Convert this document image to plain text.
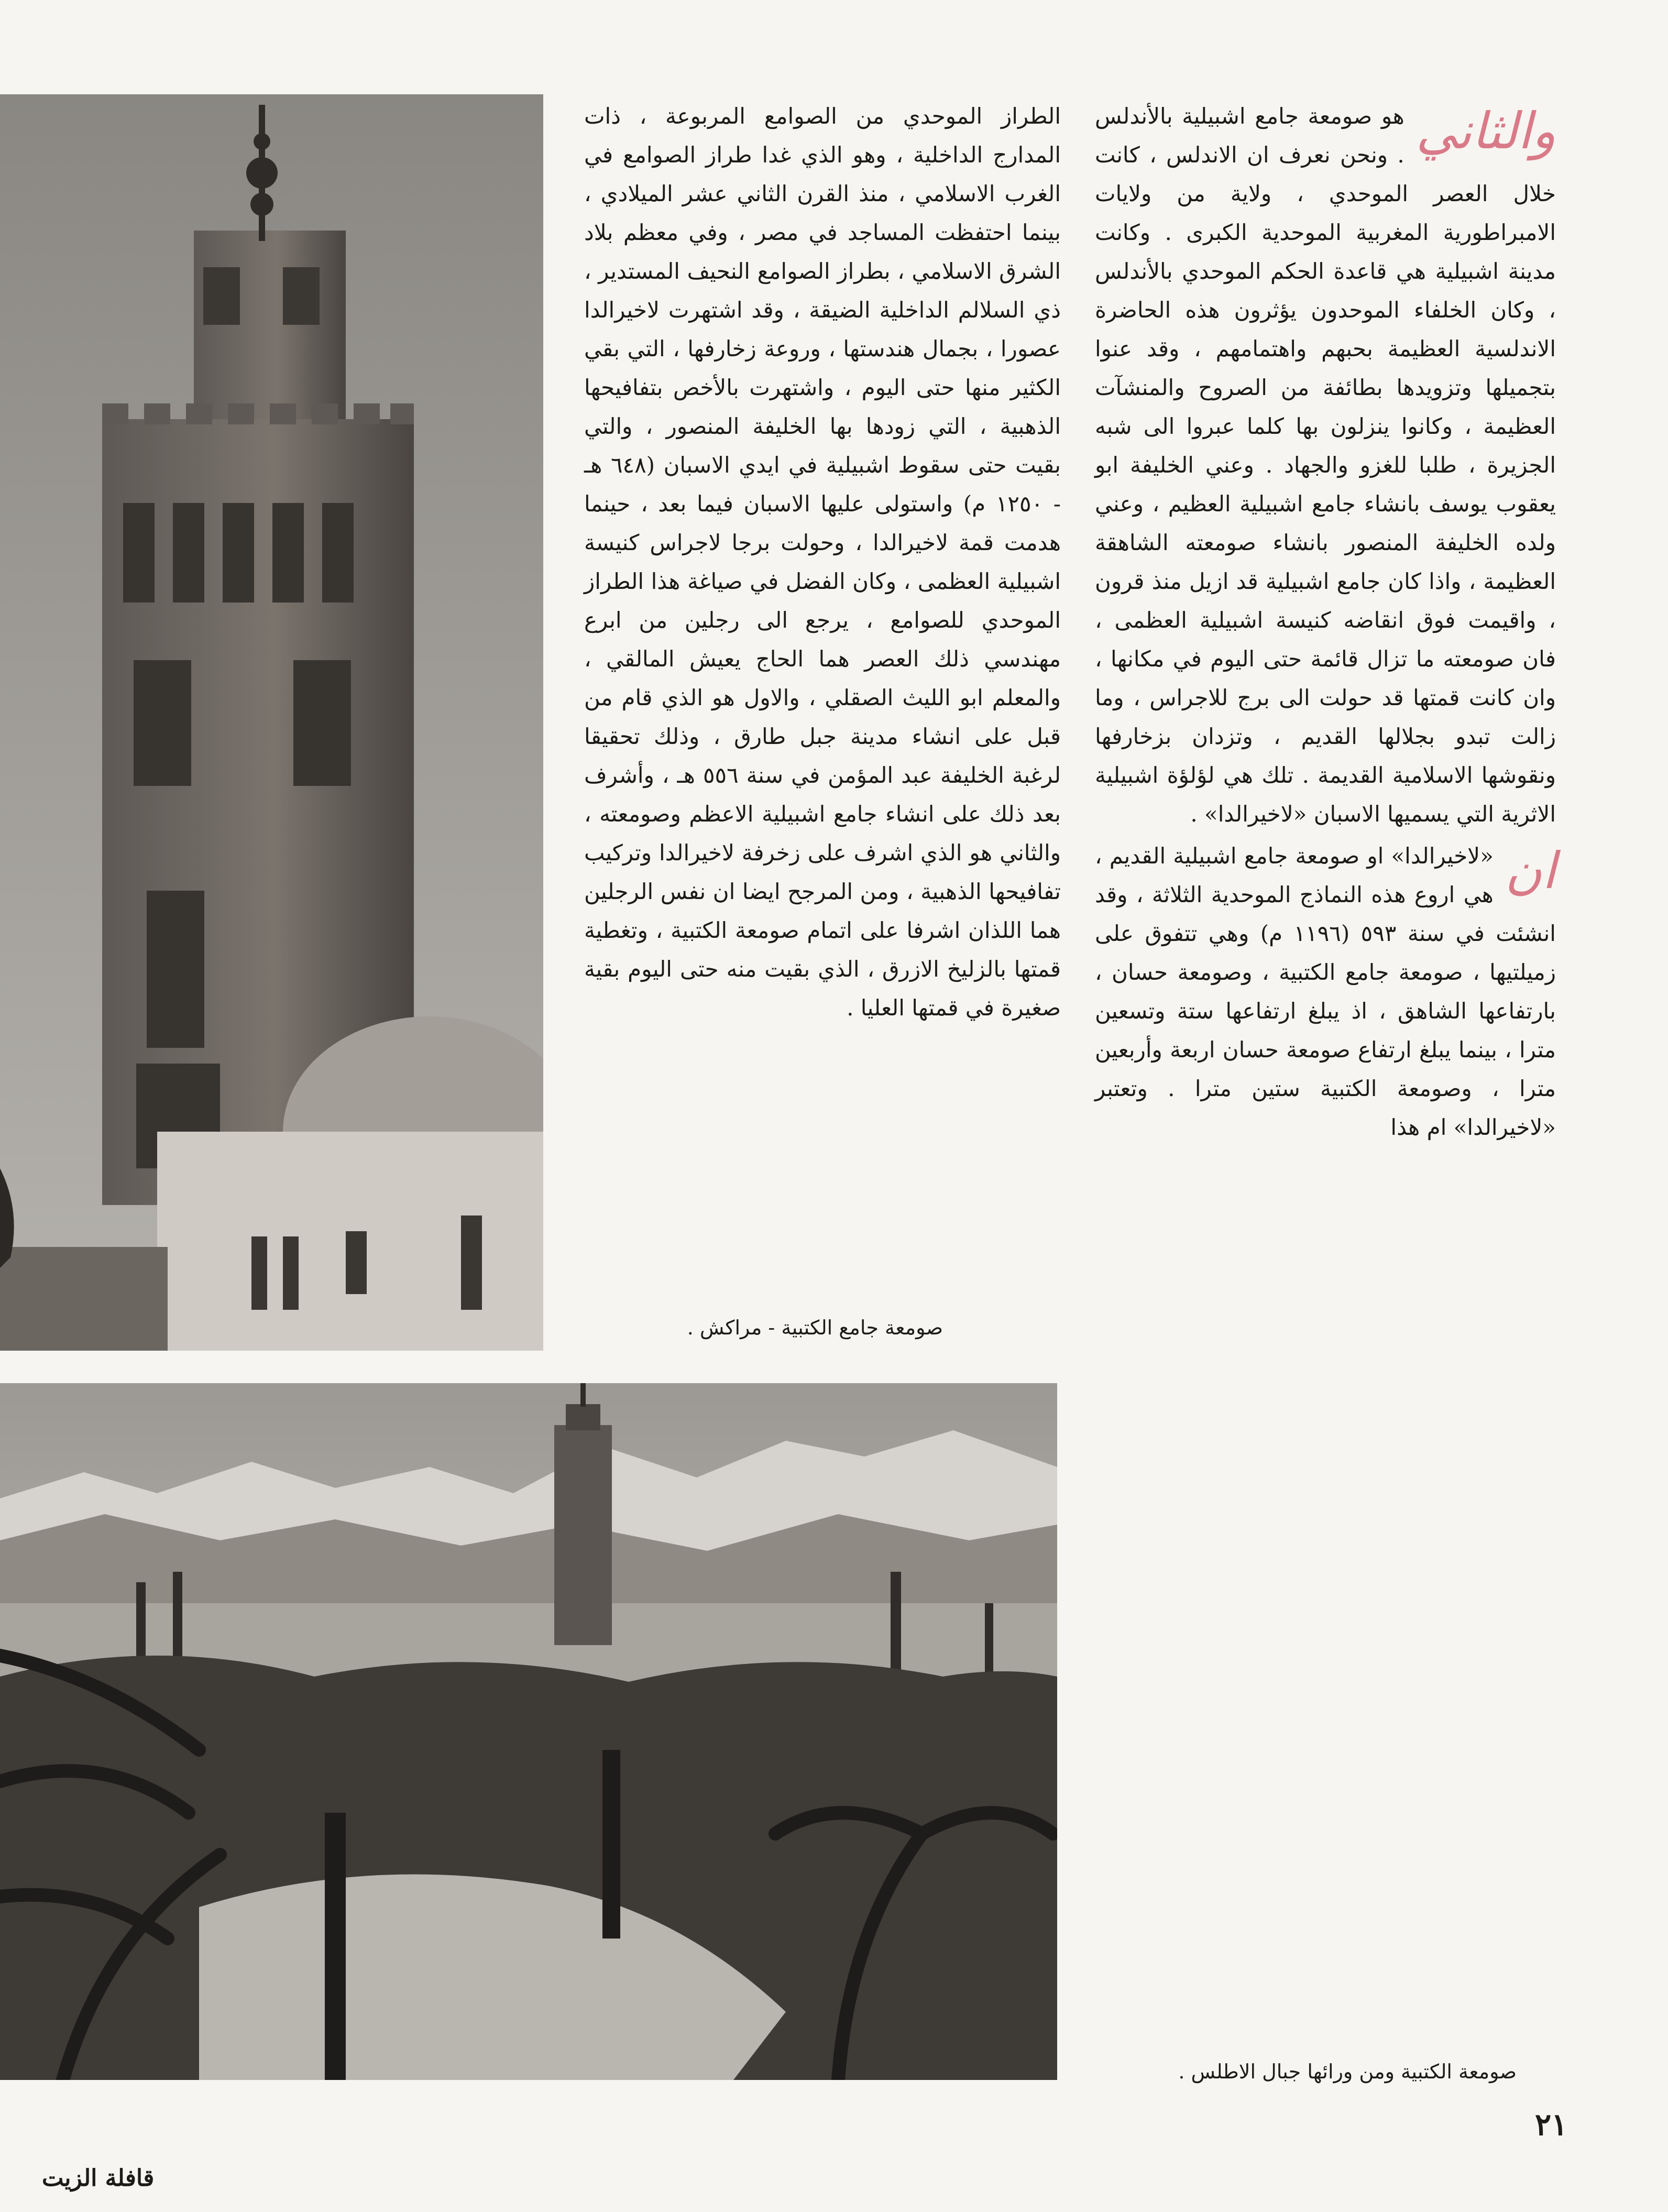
والثاني
هو صومعة جامع اشبيلية بالأندلس . ونحن نعرف ان الاندلس ، كانت خلال العصر الموحدي ، ولاية من ولايات الامبراطورية المغربية الموحدية الكبرى . وكانت مدينة اشبيلية هي قاعدة الحكم الموحدي بالأندلس ، وكان الخلفاء الموحدون يؤثرون هذه الحاضرة الاندلسية العظيمة بحبهم واهتمامهم ، وقد عنوا بتجميلها وتزويدها بطائفة من الصروح والمنشآت العظيمة ، وكانوا ينزلون بها كلما عبروا الى شبه الجزيرة ، طلبا للغزو والجهاد . وعني الخليفة ابو يعقوب يوسف بانشاء جامع اشبيلية العظيم ، وعني ولده الخليفة المنصور بانشاء صومعته الشاهقة العظيمة ، واذا كان جامع اشبيلية قد ازيل منذ قرون ، واقيمت فوق انقاضه كنيسة اشبيلية العظمى ، فان صومعته ما تزال قائمة حتى اليوم في مكانها ، وان كانت قمتها قد حولت الى برج للاجراس ، وما زالت تبدو بجلالها القديم ، وتزدان بزخارفها ونقوشها الاسلامية القديمة . تلك هي لؤلؤة اشبيلية الاثرية التي يسميها الاسبان «لاخيرالدا» .

ان
«لاخيرالدا» او صومعة جامع اشبيلية القديم ، هي اروع هذه النماذج الموحدية الثلاثة ، وقد انشئت في سنة ٥٩٣ (١١٩٦ م) وهي تتفوق على زميلتيها ، صومعة جامع الكتبية ، وصومعة حسان ، بارتفاعها الشاهق ، اذ يبلغ ارتفاعها ستة وتسعين مترا ، بينما يبلغ ارتفاع صومعة حسان اربعة وأربعين مترا ، وصومعة الكتبية ستين مترا . وتعتبر «لاخيرالدا» ام هذا

الطراز الموحدي من الصوامع المربوعة ، ذات المدارج الداخلية ، وهو الذي غدا طراز الصوامع في الغرب الاسلامي ، منذ القرن الثاني عشر الميلادي ، بينما احتفظت المساجد في مصر ، وفي معظم بلاد الشرق الاسلامي ، بطراز الصوامع النحيف المستدير ، ذي السلالم الداخلية الضيقة ، وقد اشتهرت لاخيرالدا عصورا ، بجمال هندستها ، وروعة زخارفها ، التي بقي الكثير منها حتى اليوم ، واشتهرت بالأخص بتفافيحها الذهبية ، التي زودها بها الخليفة المنصور ، والتي بقيت حتى سقوط اشبيلية في ايدي الاسبان (٦٤٨ هـ - ١٢٥٠ م) واستولى عليها الاسبان فيما بعد ، حينما هدمت قمة لاخيرالدا ، وحولت برجا لاجراس كنيسة اشبيلية العظمى ، وكان الفضل في صياغة هذا الطراز الموحدي للصوامع ، يرجع الى رجلين من ابرع مهندسي ذلك العصر هما الحاج يعيش المالقي ، والمعلم ابو الليث الصقلي ، والاول هو الذي قام من قبل على انشاء مدينة جبل طارق ، وذلك تحقيقا لرغبة الخليفة عبد المؤمن في سنة ٥٥٦ هـ ، وأشرف بعد ذلك على انشاء جامع اشبيلية الاعظم وصومعته ، والثاني هو الذي اشرف على زخرفة لاخيرالدا وتركيب تفافيحها الذهبية ، ومن المرجح ايضا ان نفس الرجلين هما اللذان اشرفا على اتمام صومعة الكتبية ، وتغطية قمتها بالزليخ الازرق ، الذي بقيت منه حتى اليوم بقية صغيرة في قمتها العليا .

صومعة جامع الكتبية - مراكش .
صومعة الكتبية ومن ورائها جبال الاطلس .
٢١
قافلة الزيت
